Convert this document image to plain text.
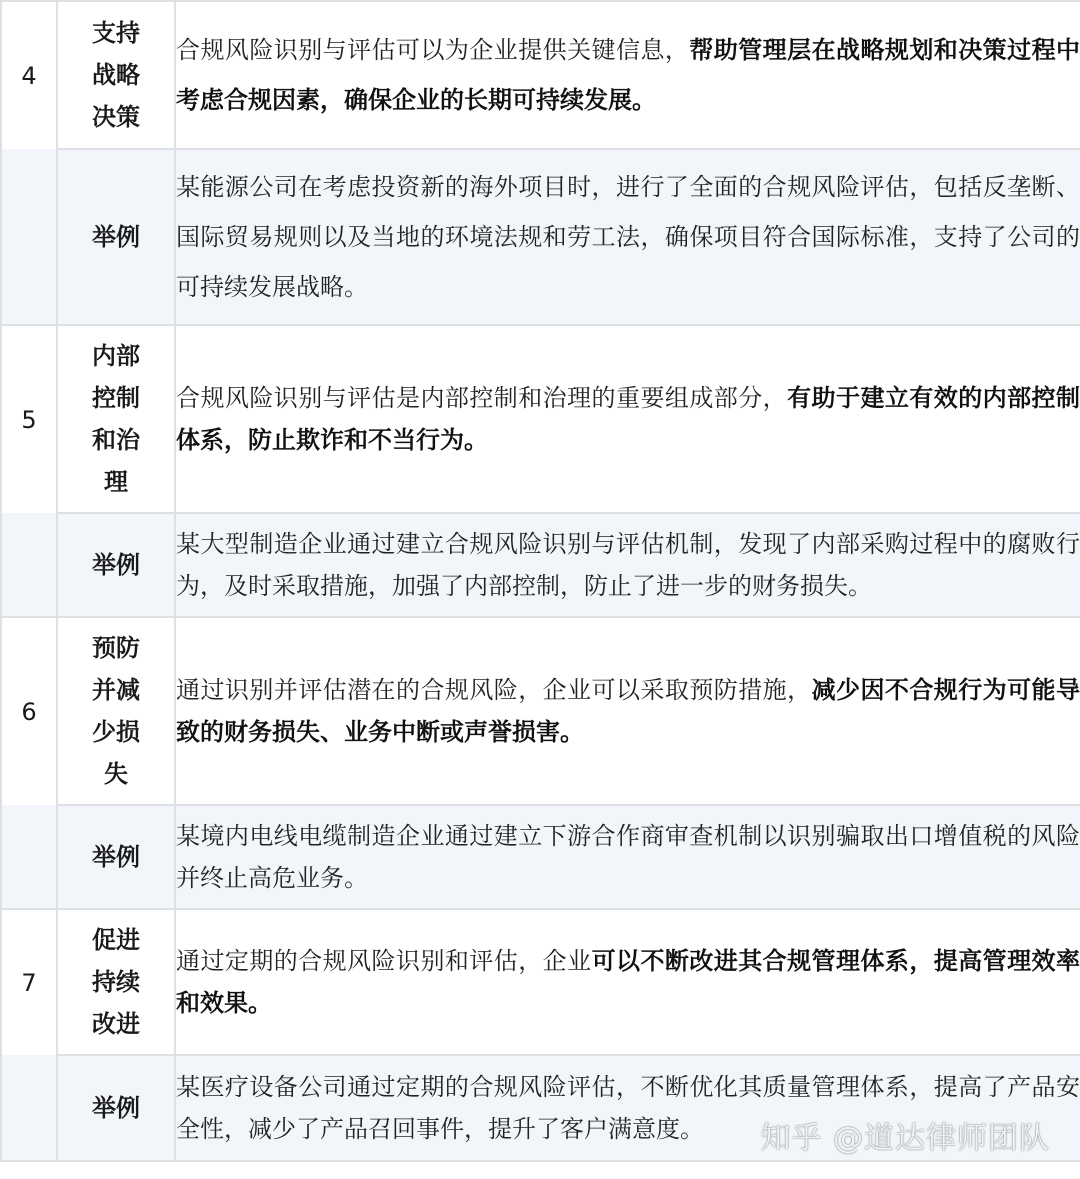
4	支持战略决策	合规风险识别与评估可以为企业提供关键信息，帮助管理层在战略规划和决策过程中考虑合规因素，确保企业的长期可持续发展。
	举例	某能源公司在考虑投资新的海外项目时，进行了全面的合规风险评估，包括反垄断、国际贸易规则以及当地的环境法规和劳工法，确保项目符合国际标准，支持了公司的可持续发展战略。
5	内部控制和治理	合规风险识别与评估是内部控制和治理的重要组成部分，有助于建立有效的内部控制体系，防止欺诈和不当行为。
	举例	某大型制造企业通过建立合规风险识别与评估机制，发现了内部采购过程中的腐败行为，及时采取措施，加强了内部控制，防止了进一步的财务损失。
6	预防并减少损失	通过识别并评估潜在的合规风险，企业可以采取预防措施，减少因不合规行为可能导致的财务损失、业务中断或声誉损害。
	举例	某境内电线电缆制造企业通过建立下游合作商审查机制以识别骗取出口增值税的风险并终止高危业务。
7	促进持续改进	通过定期的合规风险识别和评估，企业可以不断改进其合规管理体系，提高管理效率和效果。
	举例	某医疗设备公司通过定期的合规风险评估，不断优化其质量管理体系，提高了产品安全性，减少了产品召回事件，提升了客户满意度。 知乎 @道达律师团队
